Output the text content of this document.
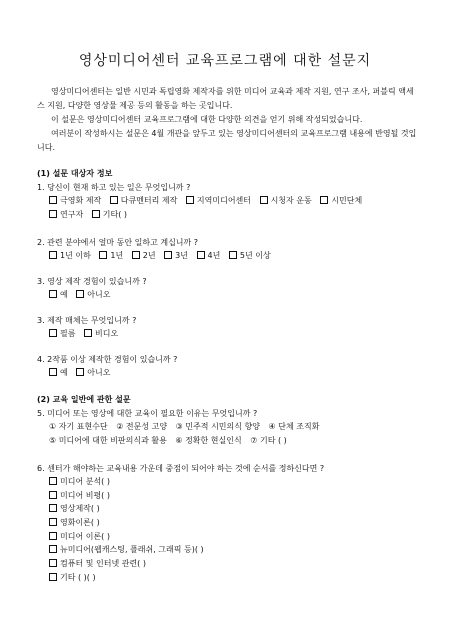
영상미디어센터 교육프로그램에 대한 설문지

영상미디어센터는 일반 시민과 독립영화 제작자를 위한 미디어 교육과 제작 지원, 연구 조사, 퍼블릭 액세스 지원, 다양한 영상물 제공 등의 활동을 하는 곳입니다.

이 설문은 영상미디어센터 교육프로그램에 대한 다양한 의견을 얻기 위해 작성되었습니다.

여러분이 작성하시는 설문은 4월 개관을 앞두고 있는 영상미디어센터의 교육프로그램 내용에 반영될 것입니다.

(1) 설문 대상자 정보
1. 당신이 현재 하고 있는 일은 무엇입니까 ?
극영화 제작 다큐멘터리 제작 지역미디어센터 시청자 운동 시민단체
연구자 기타( )
2. 관련 분야에서 얼마 동안 일하고 계십니까 ?
1년 이하 1년 2년 3년 4년 5년 이상
3. 영상 제작 경험이 있습니까 ?
예 아니오
3. 제작 매체는 무엇입니까 ?
필름 비디오
4. 2작품 이상 제작한 경험이 있습니까 ?
예 아니오
(2) 교육 일반에 관한 설문
5. 미디어 또는 영상에 대한 교육이 필요한 이유는 무엇입니까 ?
① 자기 표현수단 ② 전문성 고양 ③ 민주적 시민의식 향양 ④ 단체 조직화
⑤ 미디어에 대한 비판의식과 활용 ⑥ 정확한 현실인식 ⑦ 기타 ( )
6. 센터가 해야하는 교육내용 가운데 중점이 되어야 하는 것에 순서를 정하신다면 ?
미디어 분석( )
미디어 비평( )
영상제작( )
영화이론( )
미디어 이론( )
뉴미디어(웹캐스팅, 플래쉬, 그래픽 등)( )
컴퓨터 및 인터넷 관련( )
기타 ( )( )
